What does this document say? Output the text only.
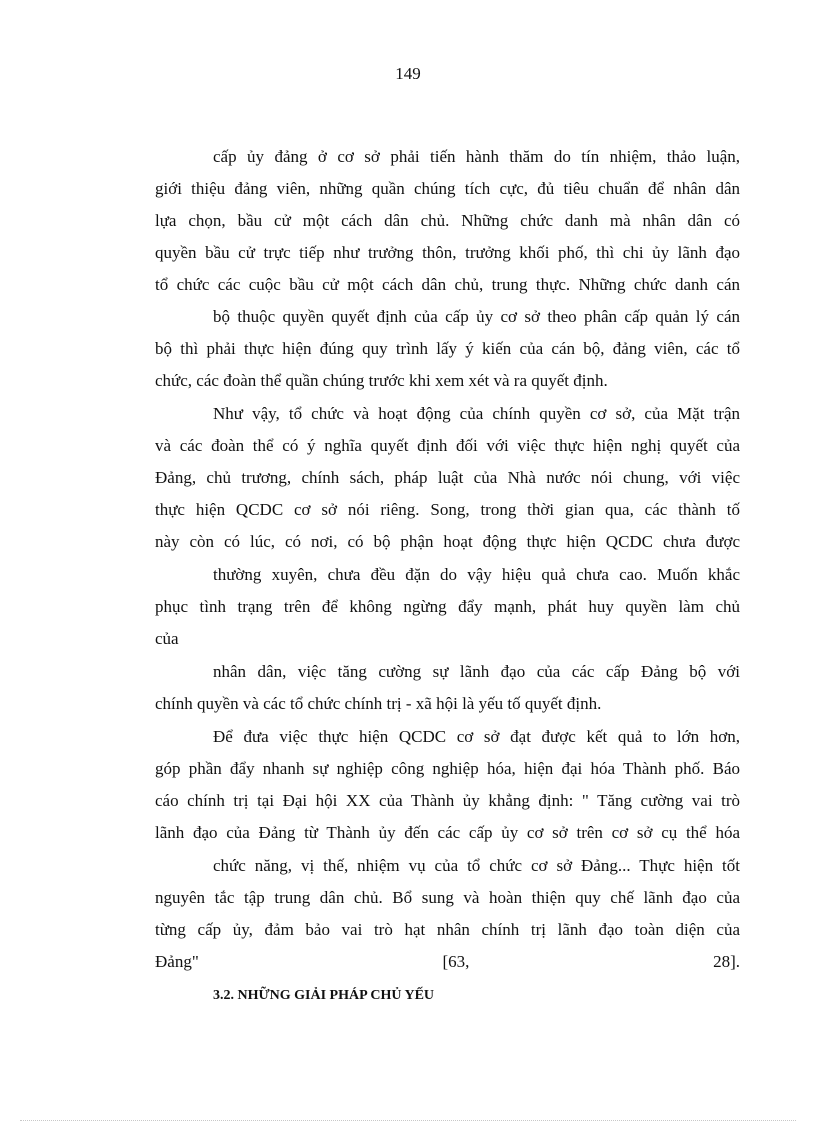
149
cấp ủy đảng ở cơ sở phải tiến hành thăm do tín nhiệm, thảo luận,
giới thiệu đảng viên, những quần chúng tích cực, đủ tiêu chuẩn để nhân dân
lựa chọn, bầu cử một cách dân chủ. Những chức danh mà nhân dân có
quyền bầu cử trực tiếp như trưởng thôn, trưởng khối phố, thì chi ủy lãnh đạo
tổ chức các cuộc bầu cử một cách dân chủ, trung thực. Những chức danh cán
bộ thuộc quyền quyết định của cấp ủy cơ sở theo phân cấp quản lý cán
bộ thì phải thực hiện đúng quy trình lấy ý kiến của cán bộ, đảng viên, các tổ
chức, các đoàn thể quần chúng trước khi xem xét và ra quyết định.
Như vậy, tổ chức và hoạt động của chính quyền cơ sở, của Mặt trận
và các đoàn thể có ý nghĩa quyết định đối với việc thực hiện nghị quyết của
Đảng, chủ trương, chính sách, pháp luật của Nhà nước nói chung, với việc
thực hiện QCDC cơ sở nói riêng. Song, trong thời gian qua, các thành tố
này còn có lúc, có nơi, có bộ phận hoạt động thực hiện QCDC chưa được
thường xuyên, chưa đều đặn do vậy hiệu quả chưa cao. Muốn khắc
phục tình trạng trên để không ngừng đẩy mạnh, phát huy quyền làm chủ
của
nhân dân, việc tăng cường sự lãnh đạo của các cấp Đảng bộ với
chính quyền và các tổ chức chính trị - xã hội là yếu tố quyết định.
Để đưa việc thực hiện QCDC cơ sở đạt được kết quả to lớn hơn,
góp phần đẩy nhanh sự nghiệp công nghiệp hóa, hiện đại hóa Thành phố. Báo
cáo chính trị tại Đại hội XX của Thành ủy khẳng định: " Tăng cường vai trò
lãnh đạo của Đảng từ Thành ủy đến các cấp ủy cơ sở trên cơ sở cụ thể hóa
chức năng, vị thế, nhiệm vụ của tổ chức cơ sở Đảng... Thực hiện tốt
nguyên tắc tập trung dân chủ. Bổ sung và hoàn thiện quy chế lãnh đạo của
từng cấp ủy, đảm bảo vai trò hạt nhân chính trị lãnh đạo toàn diện của
Đảng" [63, 28].
3.2. NHỮNG GIẢI PHÁP CHỦ YẾU
